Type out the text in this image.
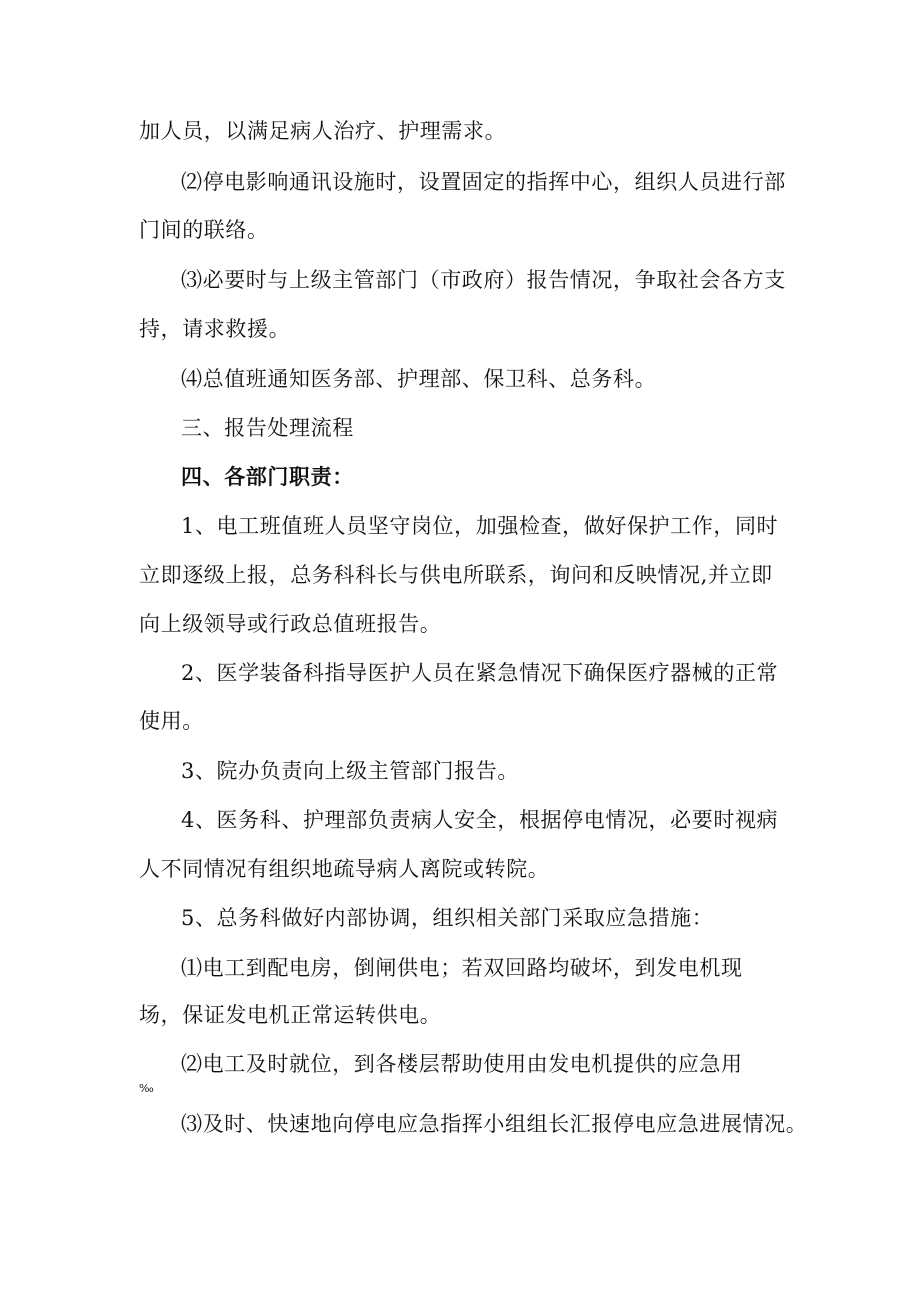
加人员，以满足病人治疗、护理需求。
⑵停电影响通讯设施时，设置固定的指挥中心，组织人员进行部
门间的联络。
⑶必要时与上级主管部门（市政府）报告情况，争取社会各方支
持，请求救援。
⑷总值班通知医务部、护理部、保卫科、总务科。
三、报告处理流程
四、各部门职责：
1、电工班值班人员坚守岗位，加强检查，做好保护工作，同时
立即逐级上报，总务科科长与供电所联系，询问和反映情况,并立即
向上级领导或行政总值班报告。
2、医学装备科指导医护人员在紧急情况下确保医疗器械的正常
使用。
3、院办负责向上级主管部门报告。
4、医务科、护理部负责病人安全，根据停电情况，必要时视病
人不同情况有组织地疏导病人离院或转院。
5、总务科做好内部协调，组织相关部门采取应急措施：
⑴电工到配电房，倒闸供电；若双回路均破坏，到发电机现
场，保证发电机正常运转供电。
⑵电工及时就位，到各楼层帮助使用由发电机提供的应急用
‰
⑶及时、快速地向停电应急指挥小组组长汇报停电应急进展情况。
